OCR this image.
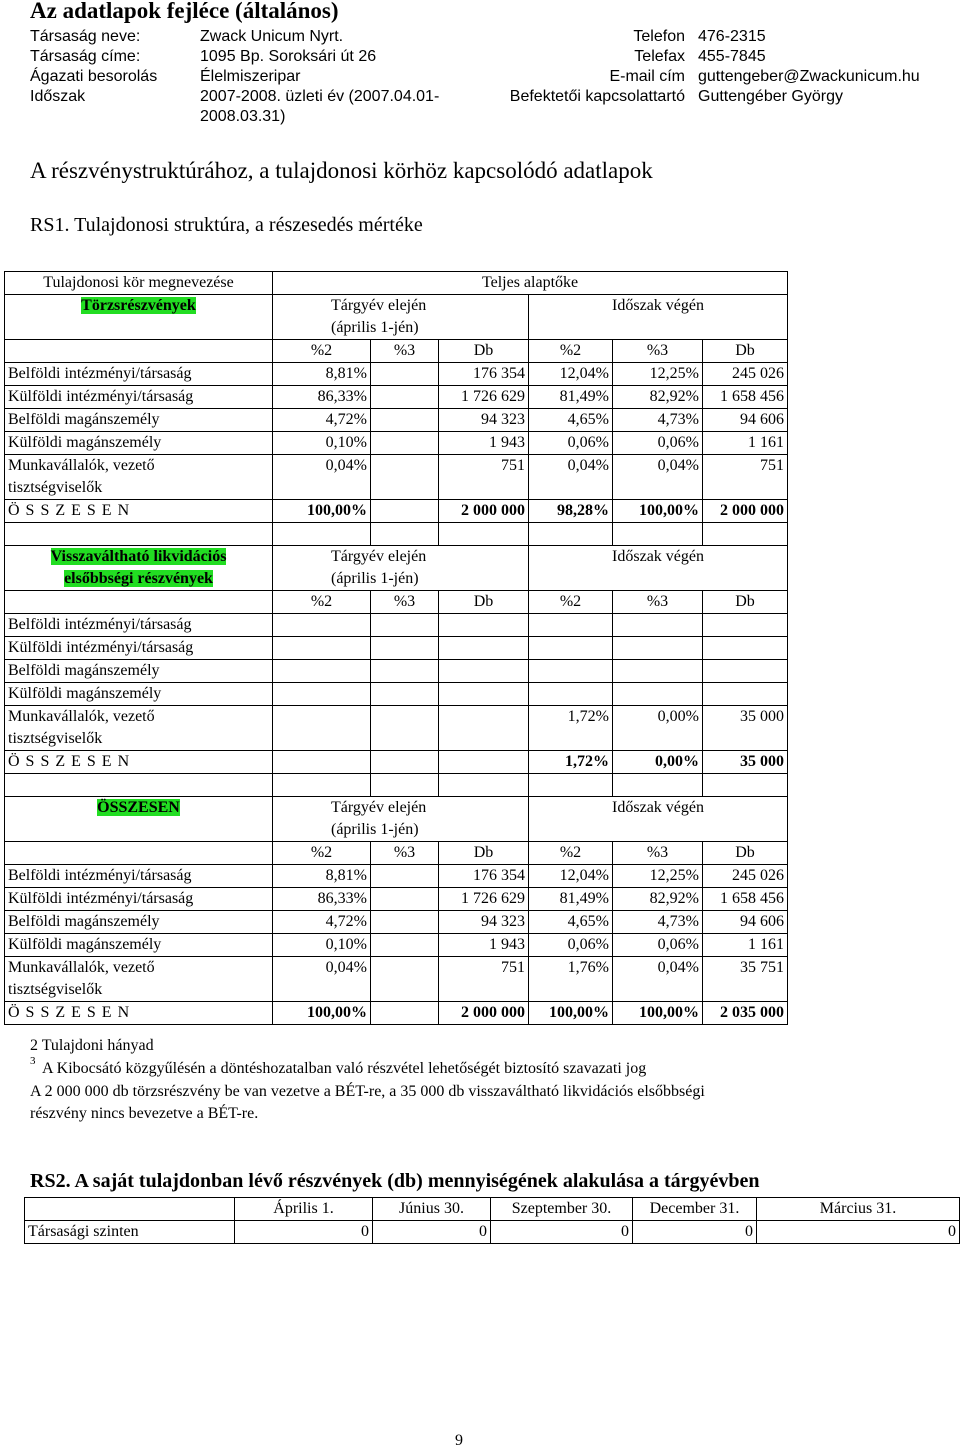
Az adatlapok fejléce (általános)
Társaság neve:	Zwack Unicum Nyrt.	Telefon 476-2315
Társaság címe:	1095 Bp. Soroksári út 26	Telefax 455-7845
Ágazati besorolás	Élelmiszeripar	E-mail cím guttengeber@Zwackunicum.hu
Időszak	2007-2008. üzleti év (2007.04.01-	Befektetői kapcsolattartó Guttengéber György
2008.03.31)
A részvénystruktúrához, a tulajdonosi körhöz kapcsolódó adatlapok
RS1. Tulajdonosi struktúra, a részesedés mértéke
Tulajdonosi kör megnevezése	Teljes alaptőke					
Törzsrészvények	Tárgyév elején
(április 1-jén)			Időszak végén		
	%2	%3	Db	%2	%3	Db
Belföldi intézményi/társaság	8,81%		176 354	12,04%	12,25%	245 026
Külföldi intézményi/társaság	86,33%		1 726 629	81,49%	82,92%	1 658 456
Belföldi magánszemély	4,72%		94 323	4,65%	4,73%	94 606
Külföldi magánszemély	0,10%		1 943	0,06%	0,06%	1 161
Munkavállalók, vezető
tisztségviselők	0,04%		751	0,04%	0,04%	751
Ö S S Z E S E N	100,00%		2 000 000	98,28%	100,00%	2 000 000

Visszaváltható likvidációs
elsőbbségi részvények	Tárgyév elején
(április 1-jén)			Időszak végén		
	%2	%3	Db	%2	%3	Db
Belföldi intézményi/társaság						
Külföldi intézményi/társaság						
Belföldi magánszemély						
Külföldi magánszemély						
Munkavállalók, vezető
tisztségviselők				1,72%	0,00%	35 000
Ö S S Z E S E N				1,72%	0,00%	35 000

ÖSSZESEN	Tárgyév elején
(április 1-jén)			Időszak végén		
	%2	%3	Db	%2	%3	Db
Belföldi intézményi/társaság	8,81%		176 354	12,04%	12,25%	245 026
Külföldi intézményi/társaság	86,33%		1 726 629	81,49%	82,92%	1 658 456
Belföldi magánszemély	4,72%		94 323	4,65%	4,73%	94 606
Külföldi magánszemély	0,10%		1 943	0,06%	0,06%	1 161
Munkavállalók, vezető
tisztségviselők	0,04%		751	1,76%	0,04%	35 751
Ö S S Z E S E N	100,00%		2 000 000	100,00%	100,00%	2 035 000
2 Tulajdoni hányad
3 A Kibocsátó közgyűlésén a döntéshozatalban való részvétel lehetőségét biztosító szavazati jog
A 2 000 000 db törzsrészvény be van vezetve a BÉT-re, a 35 000 db visszaváltható likvidációs elsőbbségi
részvény nincs bevezetve a BÉT-re.
RS2. A saját tulajdonban lévő részvények (db) mennyiségének alakulása a tárgyévben
	Április 1.	Június 30.	Szeptember 30.	December 31.	Március 31.
Társasági szinten	0	0	0	0	0
9
